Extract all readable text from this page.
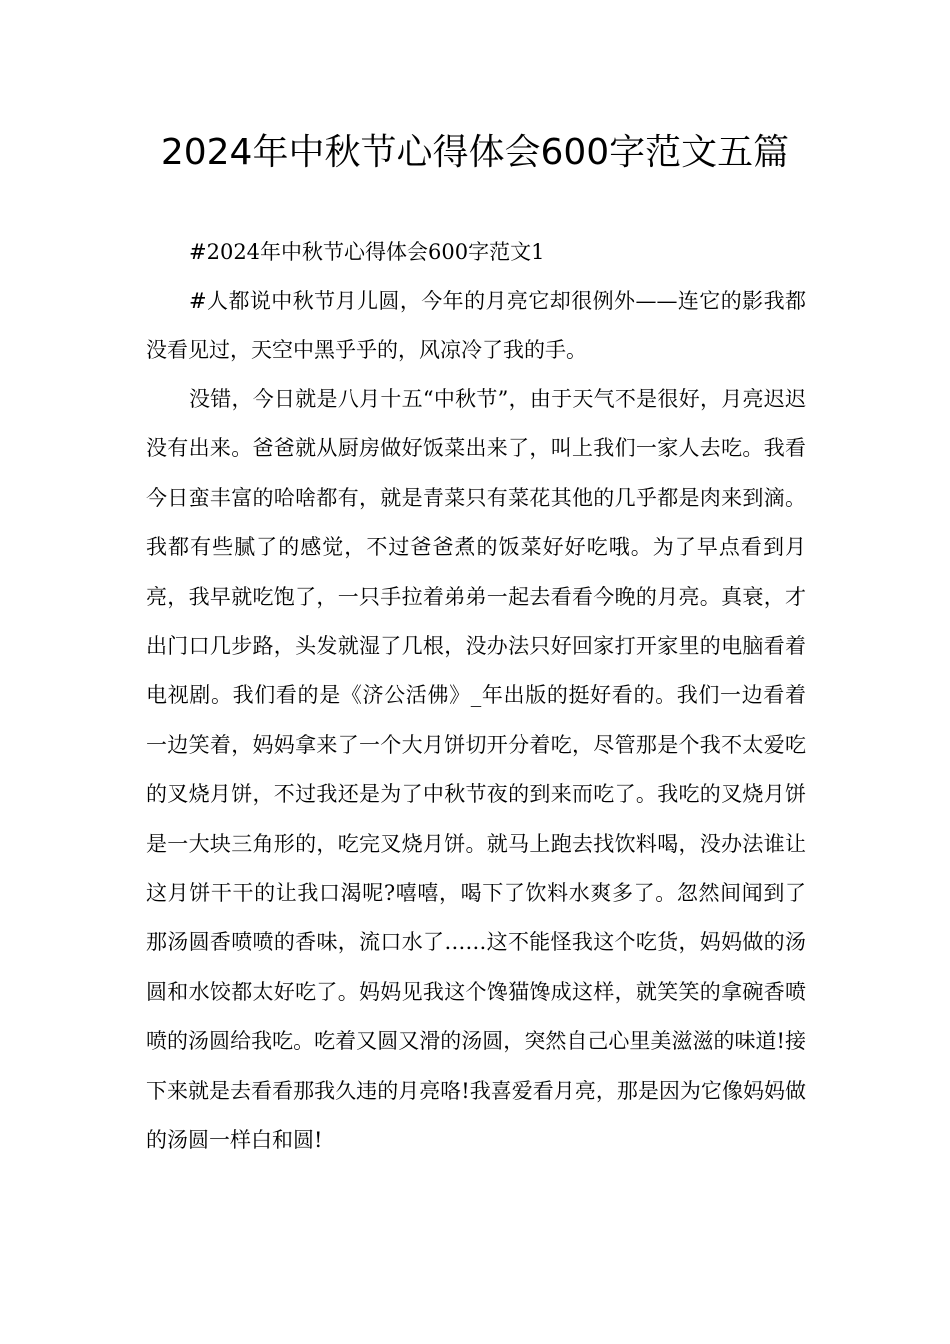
2024年中秋节心得体会600字范文五篇

#2024年中秋节心得体会600字范文1

#人都说中秋节月儿圆，今年的月亮它却很例外——连它的影我都没看见过，天空中黑乎乎的，风凉冷了我的手。

没错，今日就是八月十五“中秋节”，由于天气不是很好，月亮迟迟没有出来。爸爸就从厨房做好饭菜出来了，叫上我们一家人去吃。我看今日蛮丰富的哈啥都有，就是青菜只有菜花其他的几乎都是肉来到滴。我都有些腻了的感觉，不过爸爸煮的饭菜好好吃哦。为了早点看到月亮，我早就吃饱了，一只手拉着弟弟一起去看看今晚的月亮。真衰，才出门口几步路，头发就湿了几根，没办法只好回家打开家里的电脑看着电视剧。我们看的是《济公活佛》_年出版的挺好看的。我们一边看着一边笑着，妈妈拿来了一个大月饼切开分着吃，尽管那是个我不太爱吃的叉烧月饼，不过我还是为了中秋节夜的到来而吃了。我吃的叉烧月饼是一大块三角形的，吃完叉烧月饼。就马上跑去找饮料喝，没办法谁让这月饼干干的让我口渴呢?嘻嘻，喝下了饮料水爽多了。忽然间闻到了那汤圆香喷喷的香味，流口水了……这不能怪我这个吃货，妈妈做的汤圆和水饺都太好吃了。妈妈见我这个馋猫馋成这样，就笑笑的拿碗香喷喷的汤圆给我吃。吃着又圆又滑的汤圆，突然自己心里美滋滋的味道!接下来就是去看看那我久违的月亮咯!我喜爱看月亮，那是因为它像妈妈做的汤圆一样白和圆!
